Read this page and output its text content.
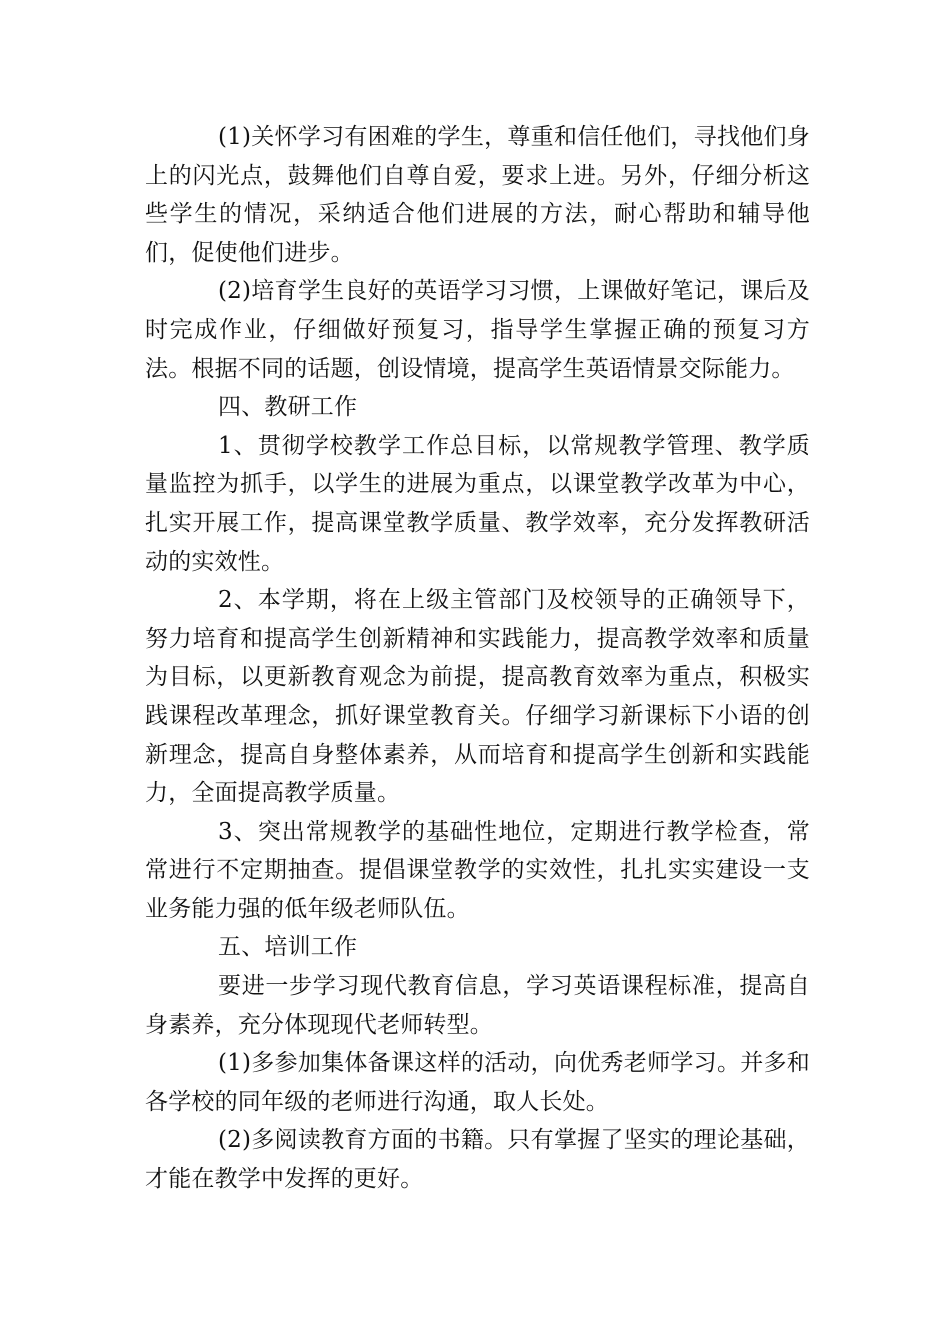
(1)关怀学习有困难的学生，尊重和信任他们，寻找他们身上的闪光点，鼓舞他们自尊自爱，要求上进。另外，仔细分析这些学生的情况，采纳适合他们进展的方法，耐心帮助和辅导他们，促使他们进步。

(2)培育学生良好的英语学习习惯，上课做好笔记，课后及时完成作业，仔细做好预复习，指导学生掌握正确的预复习方法。根据不同的话题，创设情境，提高学生英语情景交际能力。

四、教研工作

1、贯彻学校教学工作总目标，以常规教学管理、教学质量监控为抓手，以学生的进展为重点，以课堂教学改革为中心，扎实开展工作，提高课堂教学质量、教学效率，充分发挥教研活动的实效性。

2、本学期，将在上级主管部门及校领导的正确领导下，努力培育和提高学生创新精神和实践能力，提高教学效率和质量为目标，以更新教育观念为前提，提高教育效率为重点，积极实践课程改革理念，抓好课堂教育关。仔细学习新课标下小语的创新理念，提高自身整体素养，从而培育和提高学生创新和实践能力，全面提高教学质量。

3、突出常规教学的基础性地位，定期进行教学检查，常常进行不定期抽查。提倡课堂教学的实效性，扎扎实实建设一支业务能力强的低年级老师队伍。

五、培训工作

要进一步学习现代教育信息，学习英语课程标准，提高自身素养，充分体现现代老师转型。

(1)多参加集体备课这样的活动，向优秀老师学习。并多和各学校的同年级的老师进行沟通，取人长处。

(2)多阅读教育方面的书籍。只有掌握了坚实的理论基础，才能在教学中发挥的更好。
